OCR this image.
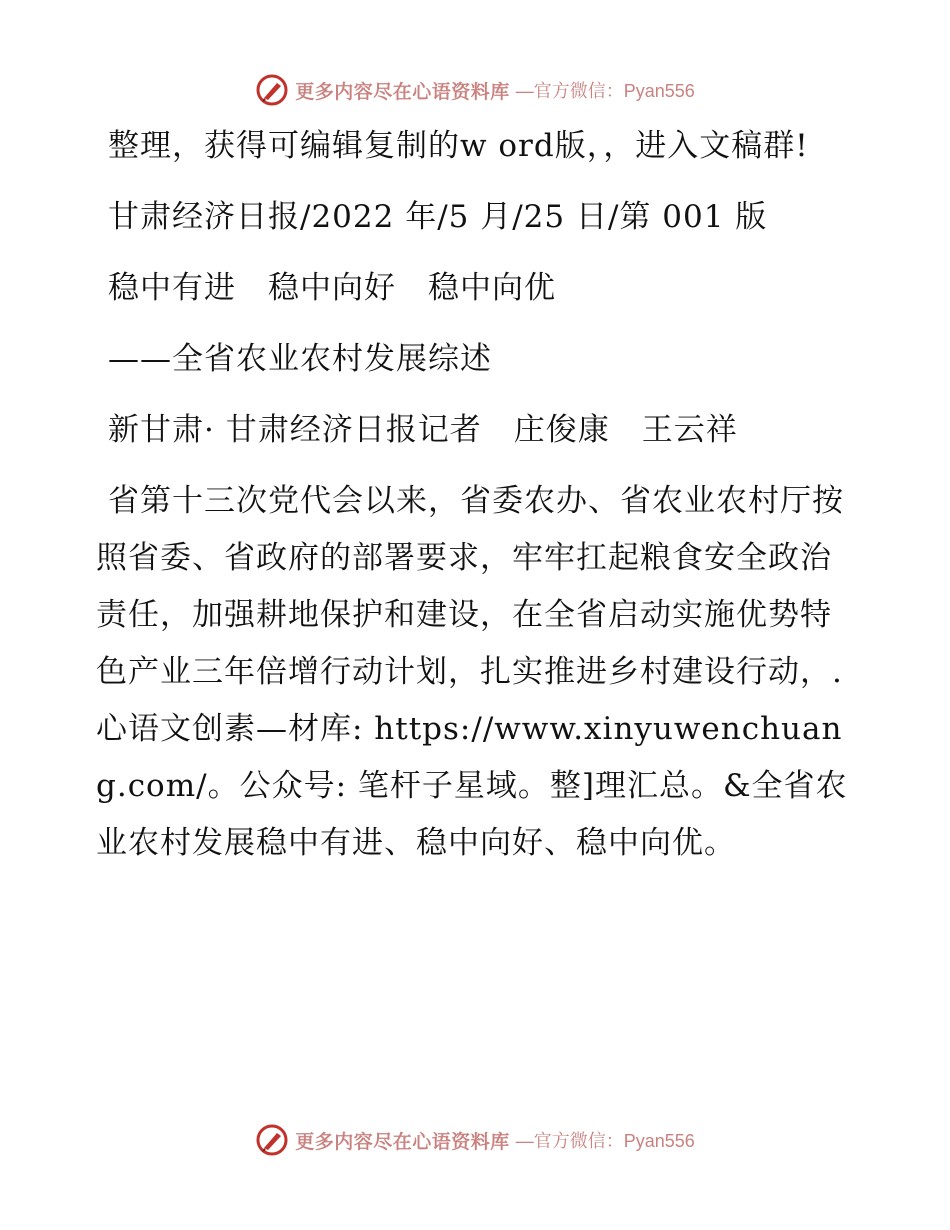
更多内容尽在心语资料库 —官方微信：Pyan556

整理，获得可编辑复制的w ord版，，进入文稿群!

甘肃经济日报/2022 年/5 月/25 日/第 001 版

稳中有进　稳中向好　稳中向优

——全省农业农村发展综述

新甘肃· 甘肃经济日报记者　庄俊康　王云祥

省第十三次党代会以来，省委农办、省农业农村厅按照省委、省政府的部署要求，牢牢扛起粮食安全政治责任，加强耕地保护和建设，在全省启动实施优势特色产业三年倍增行动计划，扎实推进乡村建设行动，.心语文创素—材库: https://www.xinyuwenchuang.com/。公众号: 笔杆子星域。整]理汇总。&全省农业农村发展稳中有进、稳中向好、稳中向优。

更多内容尽在心语资料库 —官方微信：Pyan556
